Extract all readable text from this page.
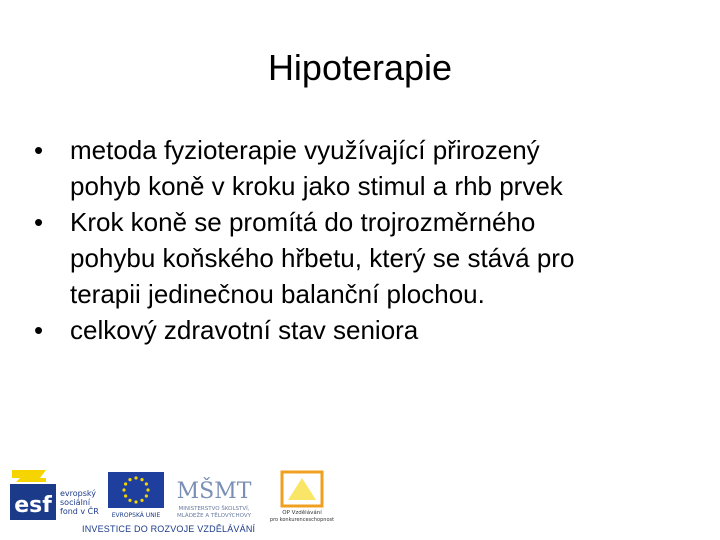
Hipoterapie
•	metoda fyzioterapie využívající přirozený
pohyb koně v kroku jako stimul a rhb prvek
•	Krok koně se promítá do trojrozměrného
pohybu koňského hřbetu, který se stává pro
terapii jedinečnou balanční plochou.
•	celkový zdravotní stav seniora
esf evropský
sociální
fond v ČR EVROPSKÁ UNIE
MŠMT
MINISTERSTVO ŠKOLSTVÍ,
MLÁDEŽE A TĚLOVÝCHOVY	OP Vzdělávání
pro konkurenceschopnost
INVESTICE DO ROZVOJE VZDĚLÁVÁNÍ
